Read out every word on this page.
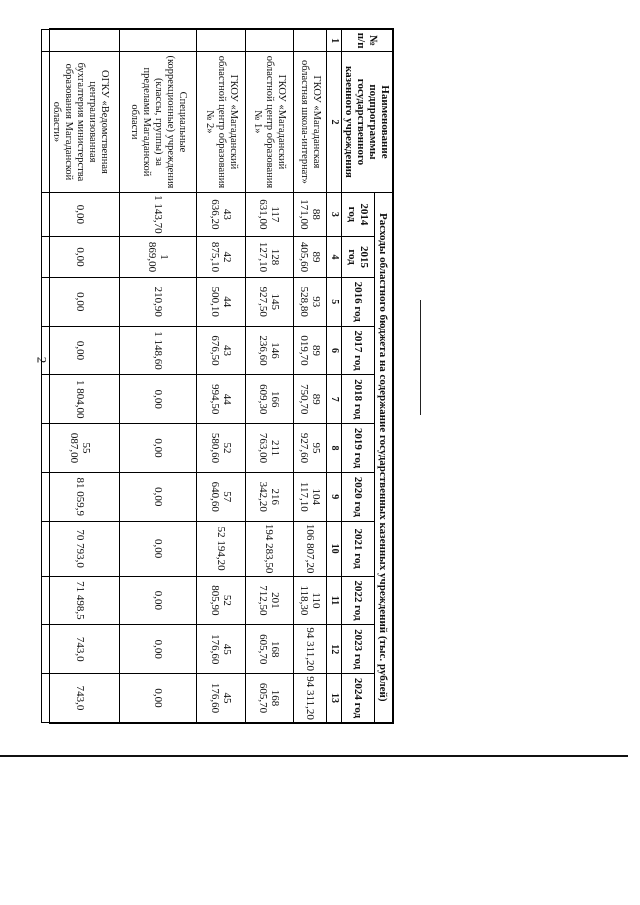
2
№ п/п	Наименование подпрограммы государственного казенного учреждения	Расходы областного бюджета на содержание государственных казенных учреждений (тыс. рублей)										
		2014 год	2015 год	2016 год	2017 год	2018 год	2019 год	2020 год	2021 год	2022 год	2023 год	2024 год
1	2	3	4	5	6	7	8	9	10	11	12	13
	ГКОУ «Магаданская областная школа-интернат»	88 171,00	89 405,60	93 528,80	89 019,70	89 750,70	95 927,60	104 117,10	106 807,20	110 118,30	94 311,20	94 311,20
	ГКОУ «Магаданский областной центр образования № 1»	117 631,00	128 127,10	145 927,50	146 236,60	166 609,30	211 763,00	216 342,20	194 283,50	201 712,50	168 605,70	168 605,70
	ГКОУ «Магаданский областной центр образования № 2»	43 636,20	42 875,10	44 500,10	43 676,50	44 994,50	52 580,60	57 640,60	52 194,20	52 805,90	45 176,60	45 176,60
	Специальные (коррекционные) учреждения (классы, группы) за пределами Магаданской области	1 143,70	1 869,00	210,90	1 148,60	0,00	0,00	0,00	0,00	0,00	0,00	0,00
	ОГКУ «Ведомственная централизованная бухгалтерия министерства образования Магаданской области»	0,00	0,00	0,00	0,00	1 804,00	55 087,00	81 059,9	70 793,0	71 498,5	743,0	743,0
